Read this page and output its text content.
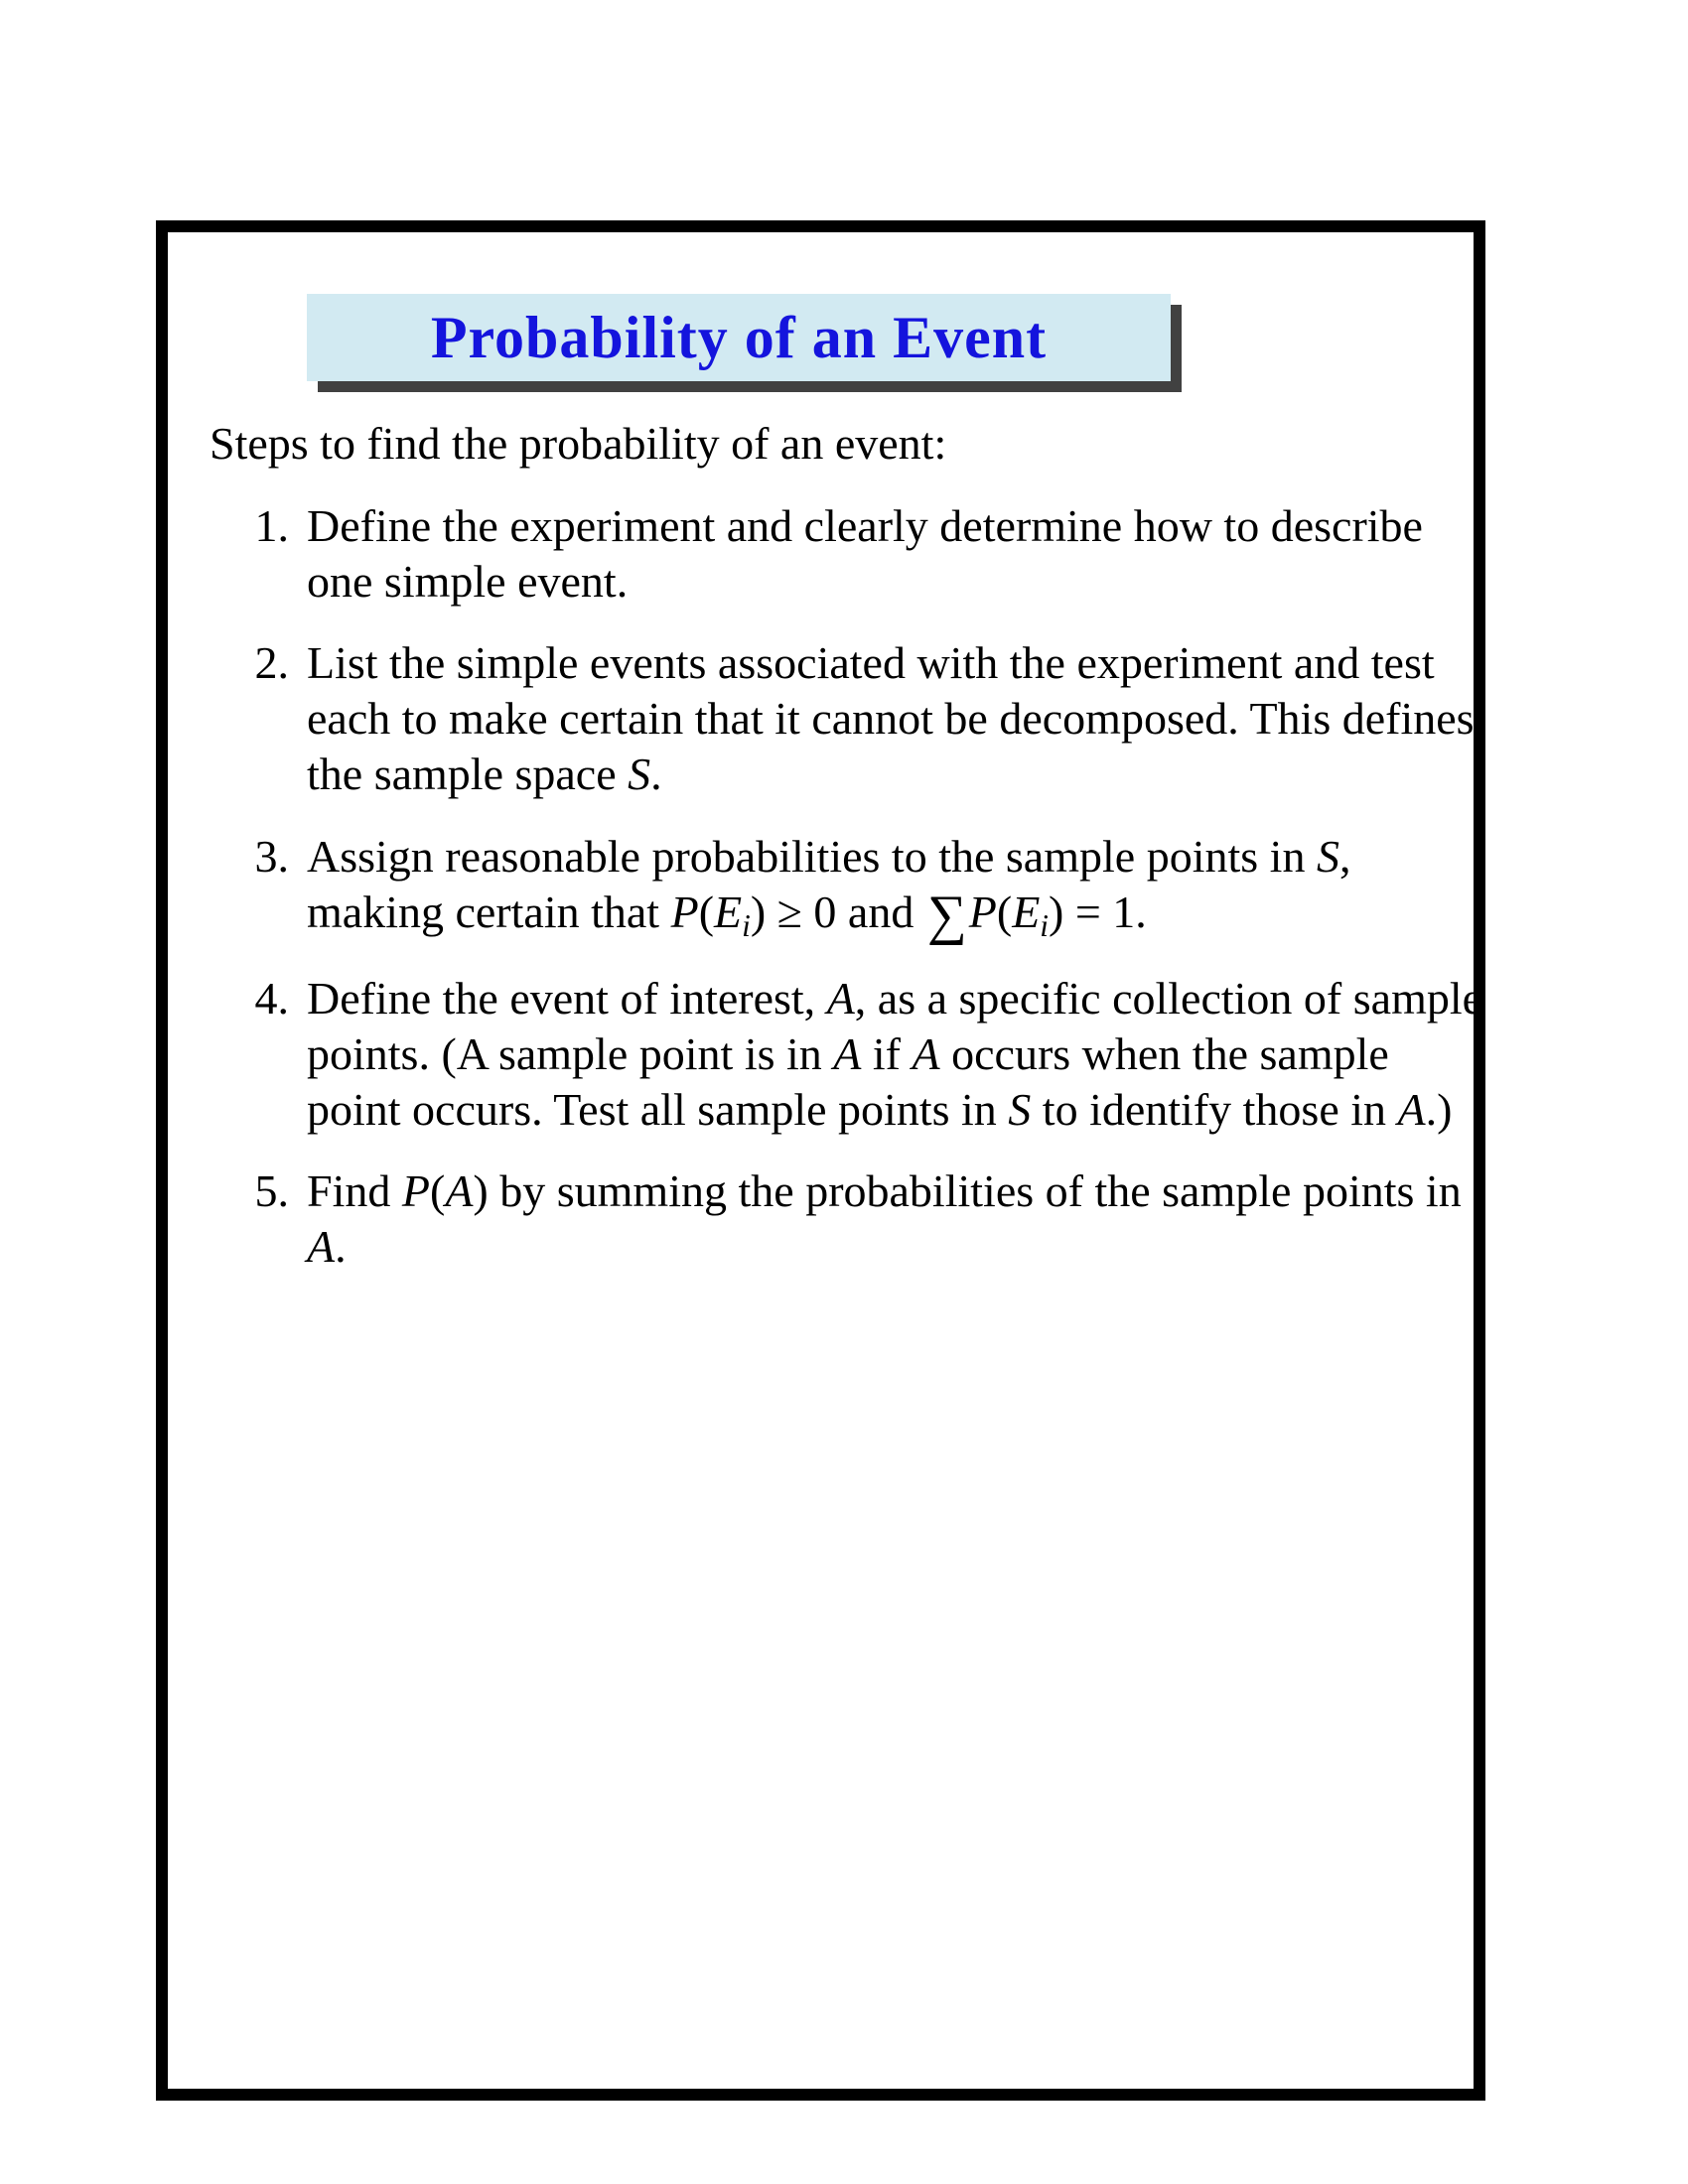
Probability of an Event
Steps to find the probability of an event:
Define the experiment and clearly determine how to describe one simple event.
List the simple events associated with the experiment and test each to make certain that it cannot be decomposed. This defines the sample space S.
Assign reasonable probabilities to the sample points in S, making certain that $P(E_i) \ge 0$ and $\sum P(E_i) = 1$.
Define the event of interest, A, as a specific collection of sample points. (A sample point is in A if A occurs when the sample point occurs. Test all sample points in S to identify those in A.)
Find P(A) by summing the probabilities of the sample points in A.
